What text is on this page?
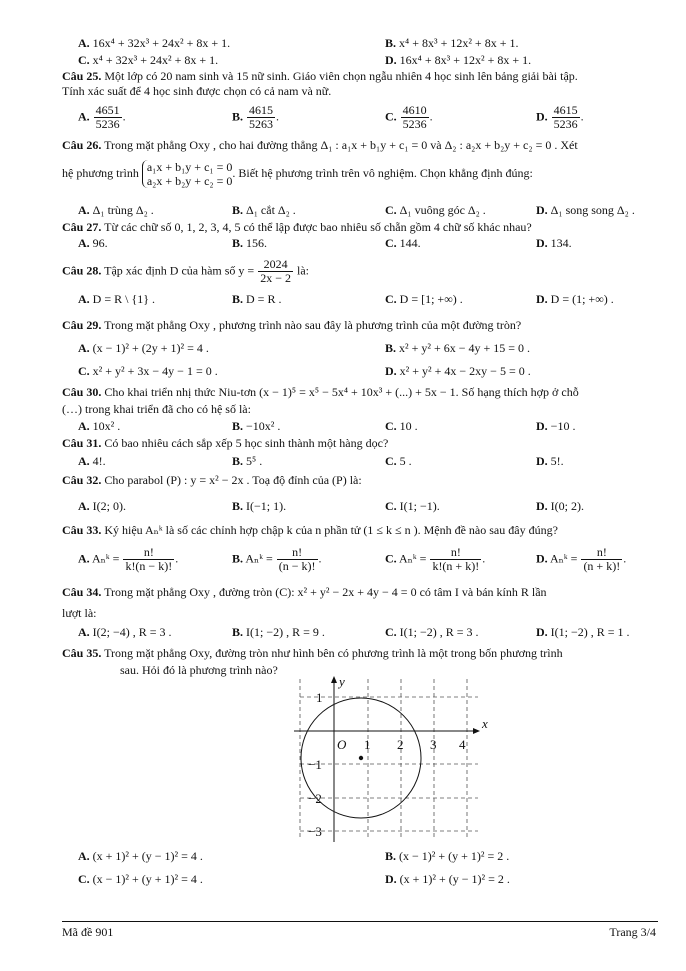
A. 16x⁴ + 32x³ + 24x² + 8x + 1.	B. x⁴ + 8x³ + 12x² + 8x + 1.
C. x⁴ + 32x³ + 24x² + 8x + 1.	D. 16x⁴ + 8x³ + 12x² + 8x + 1.
Câu 25. Một lớp có 20 nam sinh và 15 nữ sinh. Giáo viên chọn ngẫu nhiên 4 học sinh lên bảng giải bài tập.
Tính xác suất để 4 học sinh được chọn có cả nam và nữ.
A. $\frac{4651}{5236}$ .	B. $\frac{4615}{5263}$ .	C. $\frac{4610}{5236}$ .	D. $\frac{4615}{5236}$ .
Câu 26. Trong mặt phẳng Oxy , cho hai đường thẳng Δ₁ : a₁x + b₁y + c₁ = 0 và Δ₂ : a₂x + b₂y + c₂ = 0 . Xét
hệ phương trình a₁x + b₁y + c₁ = 0
a₂x + b₂y + c₂ = 0
. Biết hệ phương trình trên vô nghiệm. Chọn khẳng định đúng:
A. Δ₁ trùng Δ₂ .	B. Δ₁ cắt Δ₂ .	C. Δ₁ vuông góc Δ₂ .	D. Δ₁ song song Δ₂ .
Câu 27. Từ các chữ số 0, 1, 2, 3, 4, 5 có thể lập được bao nhiêu số chẵn gồm 4 chữ số khác nhau?
A. 96.	B. 156.	C. 144.	D. 134.
Câu 28. Tập xác định D của hàm số $y = \frac{2024}{2x - 2}$ là:
A. D = R \ {1} .	B. D = R .	C. D = [1; +∞) .	D. D = (1; +∞) .
Câu 29. Trong mặt phẳng Oxy , phương trình nào sau đây là phương trình của một đường tròn?
A. (x − 1)² + (2y + 1)² = 4 .	B. x² + y² + 6x − 4y + 15 = 0 .
C. x² + y² + 3x − 4y − 1 = 0 .	D. x² + y² + 4x − 2xy − 5 = 0 .
Câu 30. Cho khai triển nhị thức Niu-tơn (x − 1)⁵ = x⁵ − 5x⁴ + 10x³ + (...) + 5x − 1. Số hạng thích hợp ở chỗ
(…) trong khai triển đã cho có hệ số là:
A. 10x² .	B. −10x² .	C. 10 .	D. −10 .
Câu 31. Có bao nhiêu cách sắp xếp 5 học sinh thành một hàng dọc?
A. 4!.	B. 5⁵ .	C. 5 .	D. 5!.
Câu 32. Cho parabol (P) : y = x² − 2x . Toạ độ đỉnh của (P) là:
A. I(2; 0).	B. I(−1; 1).	C. I(1; −1).	D. I(0; 2).
Câu 33. Ký hiệu Aₙᵏ là số các chỉnh hợp chập k của n phần tử (1 ≤ k ≤ n ). Mệnh đề nào sau đây đúng?
A. Aₙᵏ = $\frac{n!}{k!(n - k)!}$ .	B. Aₙᵏ = $\frac{n!}{(n - k)!}$ .	C. Aₙᵏ = $\frac{n!}{k!(n + k)!}$ .	D. Aₙᵏ = $\frac{n!}{(n + k)!}$ .
Câu 34. Trong mặt phẳng Oxy , đường tròn (C): x² + y² − 2x + 4y − 4 = 0 có tâm I và bán kính R lần
lượt là:
A. I(2; −4) , R = 3 .	B. I(1; −2) , R = 9 .	C. I(1; −2) , R = 3 .	D. I(1; −2) , R = 1 .
Câu 35. Trong mặt phẳng Oxy, đường tròn như hình bên có phương trình là một trong bốn phương trình
sau. Hỏi đó là phương trình nào?
x
y
O 1 2 3 4
1
−1
−2
−3
A. (x + 1)² + (y − 1)² = 4 .	B. (x − 1)² + (y + 1)² = 2 .
C. (x − 1)² + (y + 1)² = 4 .	D. (x + 1)² + (y − 1)² = 2 .
Mã đề 901	Trang 3/4
